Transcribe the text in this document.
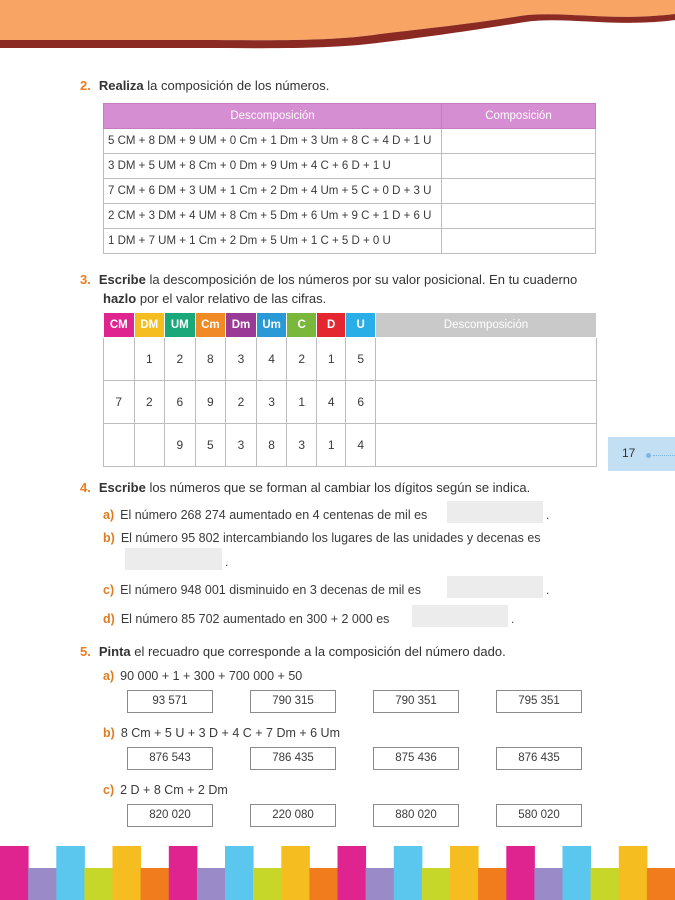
2. Realiza la composición de los números.
Descomposición	Composición
5 CM + 8 DM + 9 UM + 0 Cm + 1 Dm + 3 Um + 8 C + 4 D + 1 U	
3 DM + 5 UM + 8 Cm + 0 Dm + 9 Um + 4 C + 6 D + 1 U	
7 CM + 6 DM + 3 UM + 1 Cm + 2 Dm + 4 Um + 5 C + 0 D + 3 U	
2 CM + 3 DM + 4 UM + 8 Cm + 5 Dm + 6 Um + 9 C + 1 D + 6 U	
1 DM + 7 UM + 1 Cm + 2 Dm + 5 Um + 1 C + 5 D + 0 U	
3. Escribe la descomposición de los números por su valor posicional. En tu cuaderno
hazlo por el valor relativo de las cifras.
CM	DM	UM	Cm	Dm	Um	C	D	U	Descomposición
	1	2	8	3	4	2	1	5	
7	2	6	9	2	3	1	4	6	
		9	5	3	8	3	1	4	
17
4. Escribe los números que se forman al cambiar los dígitos según se indica.
a) El número 268 274 aumentado en 4 centenas de mil es	.
b) El número 95 802 intercambiando los lugares de las unidades y decenas es
.
c) El número 948 001 disminuido en 3 decenas de mil es	.
d) El número 85 702 aumentado en 300 + 2 000 es	.
5. Pinta el recuadro que corresponde a la composición del número dado.
a) 90 000 + 1 + 300 + 700 000 + 50
93 571	790 315	790 351	795 351
b) 8 Cm + 5 U + 3 D + 4 C + 7 Dm + 6 Um
876 543	786 435	875 436	876 435
c) 2 D + 8 Cm + 2 Dm
820 020	220 080	880 020	580 020
